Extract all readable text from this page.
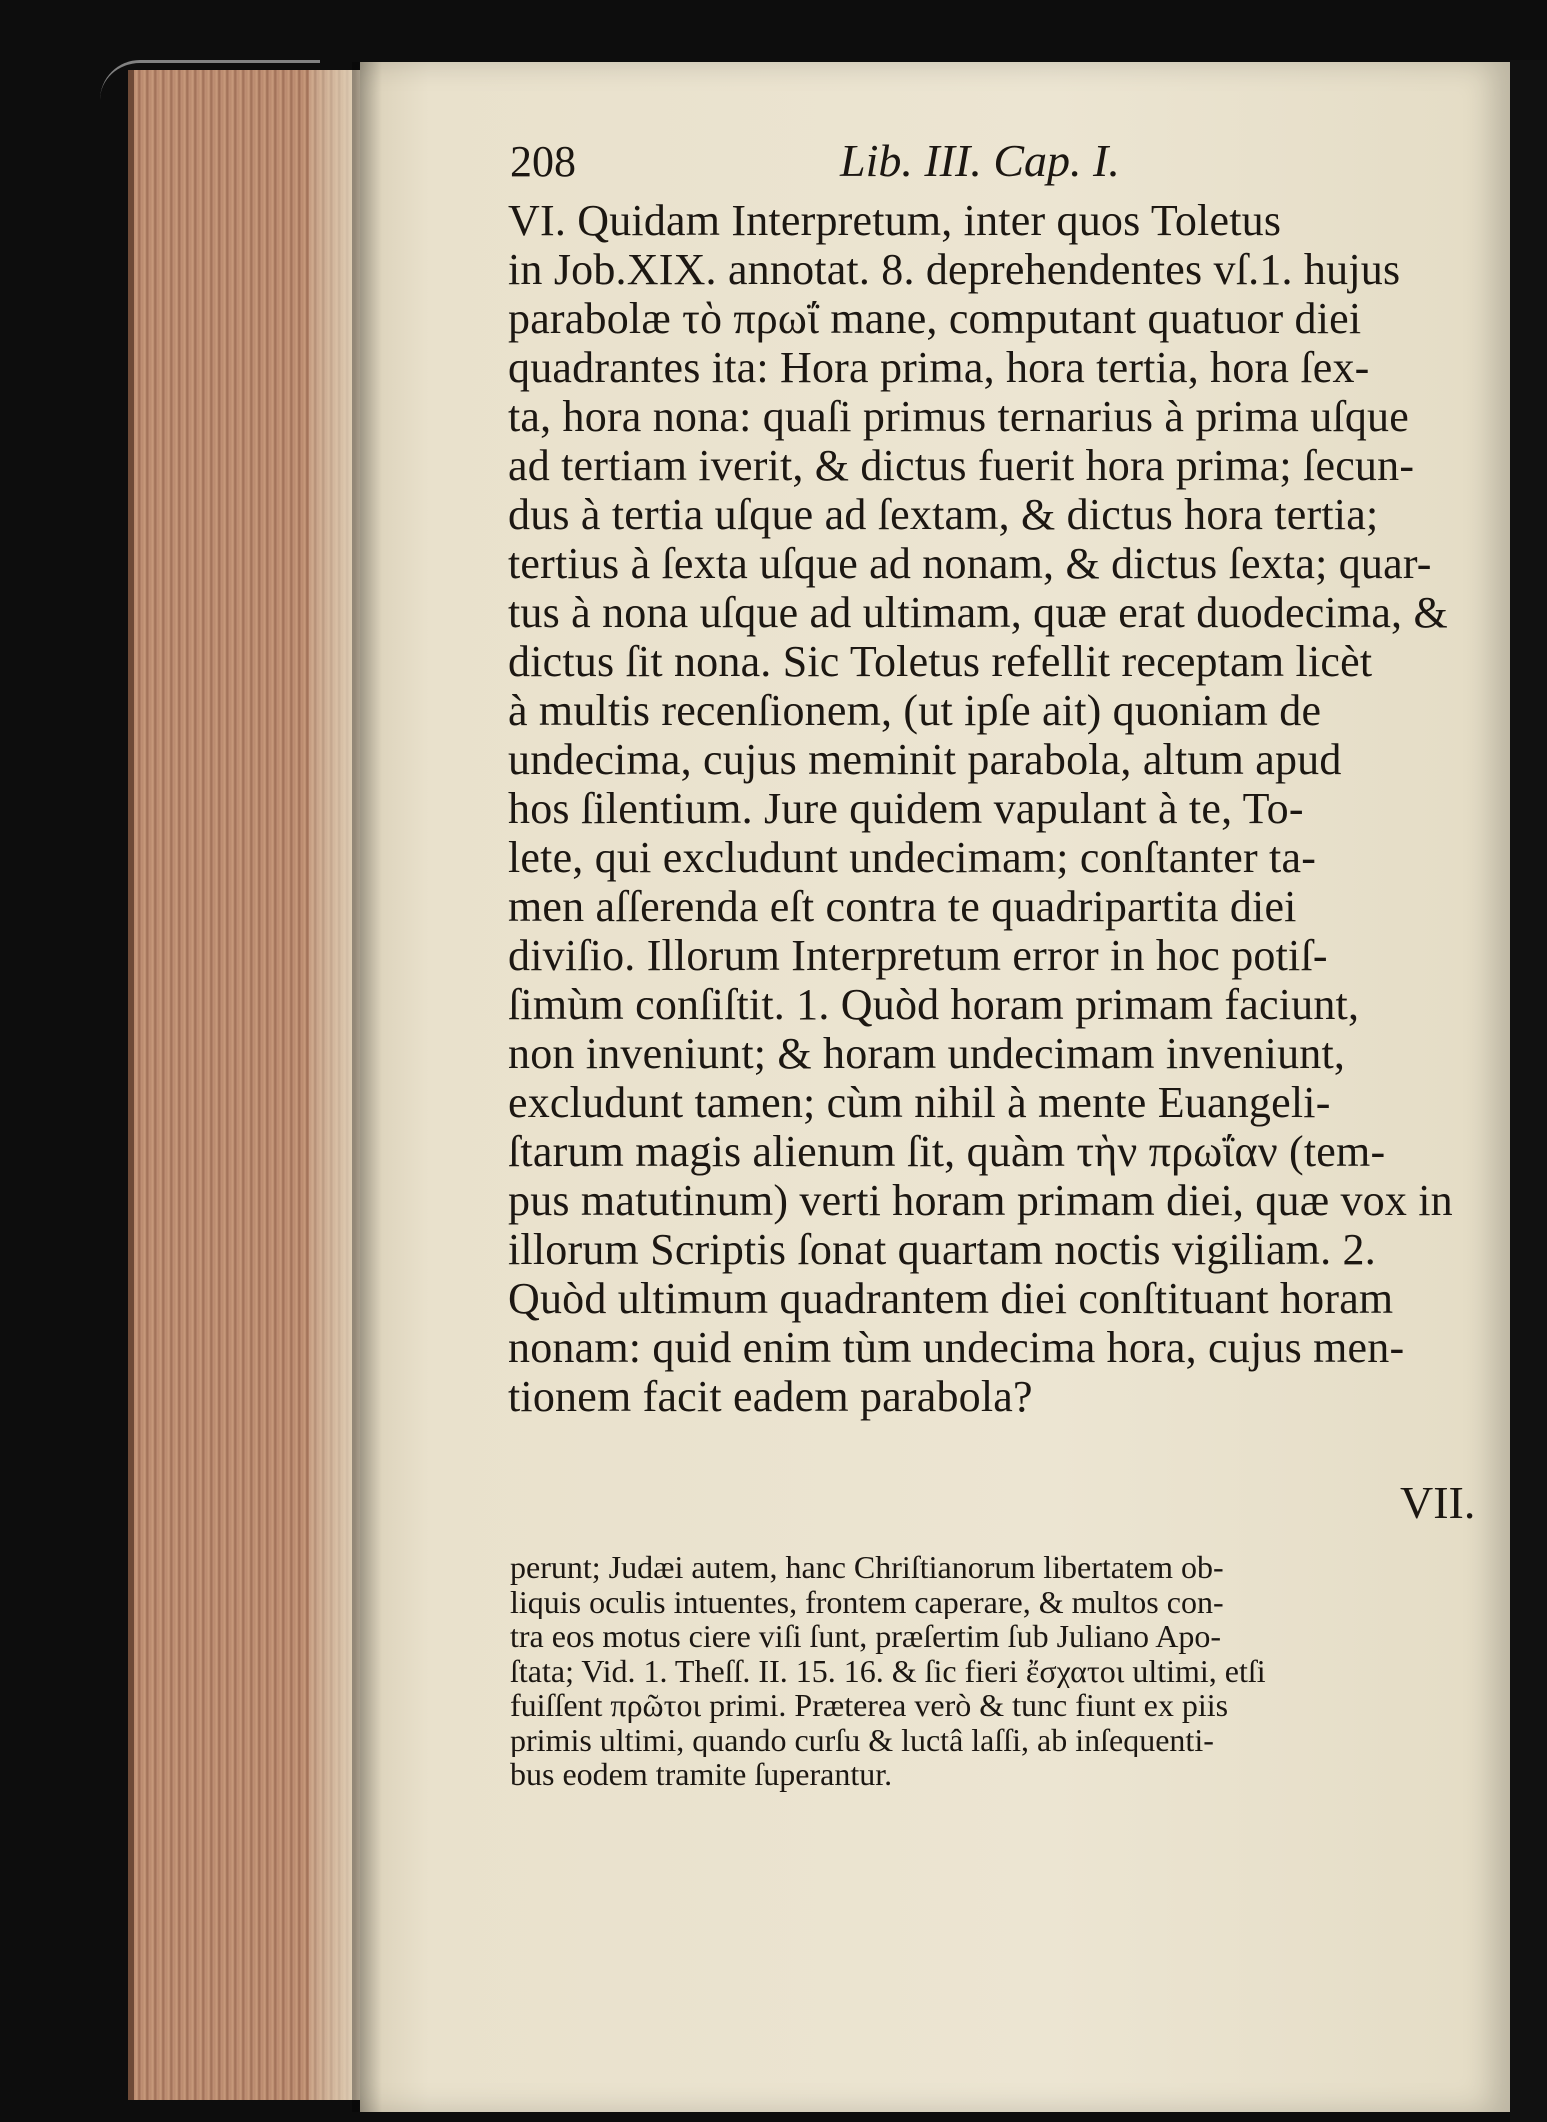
208	Lib. III. Cap. I.
VI. Quidam Interpretum, inter quos Toletus
in Job.XIX. annotat. 8. deprehendentes vſ.1. hujus
parabolæ τὸ πρωΐ mane, computant quatuor diei
quadrantes ita: Hora prima, hora tertia, hora ſex-
ta, hora nona: quaſi primus ternarius à prima uſque
ad tertiam iverit, & dictus fuerit hora prima; ſecun-
dus à tertia uſque ad ſextam, & dictus hora tertia;
tertius à ſexta uſque ad nonam, & dictus ſexta; quar-
tus à nona uſque ad ultimam, quæ erat duodecima, &
dictus ſit nona. Sic Toletus refellit receptam licèt
à multis recenſionem, (ut ipſe ait) quoniam de
undecima, cujus meminit parabola, altum apud
hos ſilentium. Jure quidem vapulant à te, To-
lete, qui excludunt undecimam; conſtanter ta-
men aſſerenda eſt contra te quadripartita diei
diviſio. Illorum Interpretum error in hoc potiſ-
ſimùm conſiſtit. 1. Quòd horam primam faciunt,
non inveniunt; & horam undecimam inveniunt,
excludunt tamen; cùm nihil à mente Euangeli-
ſtarum magis alienum ſit, quàm τὴν πρωΐαν (tem-
pus matutinum) verti horam primam diei, quæ vox in
illorum Scriptis ſonat quartam noctis vigiliam. 2.
Quòd ultimum quadrantem diei conſtituant horam
nonam: quid enim tùm undecima hora, cujus men-
tionem facit eadem parabola?
VII.
perunt; Judæi autem, hanc Chriſtianorum libertatem ob-
liquis oculis intuentes, frontem caperare, & multos con-
tra eos motus ciere viſi ſunt, præſertim ſub Juliano Apo-
ſtata; Vid. 1. Theſſ. II. 15. 16. & ſic fieri ἔσχατοι ultimi, etſi
fuiſſent πρῶτοι primi. Præterea verò & tunc fiunt ex piis
primis ultimi, quando curſu & luctâ laſſi, ab inſequenti-
bus eodem tramite ſuperantur.
